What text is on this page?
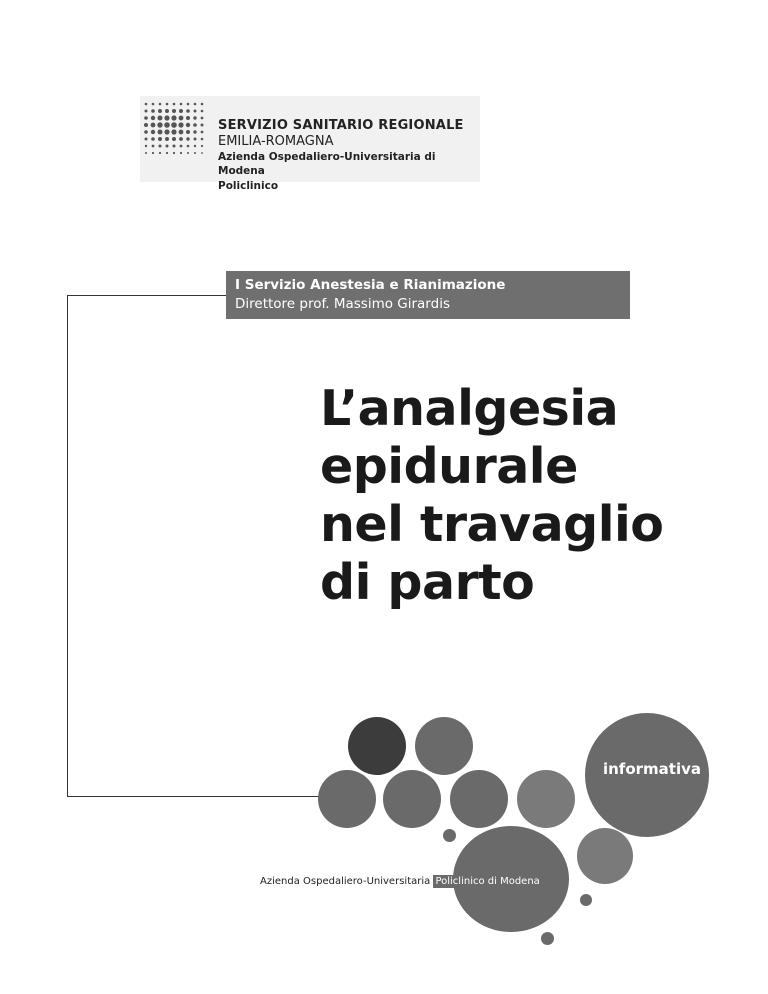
SERVIZIO SANITARIO REGIONALE
EMILIA-ROMAGNA
Azienda Ospedaliero-Universitaria di Modena
Policlinico
I Servizio Anestesia e Rianimazione
Direttore prof. Massimo Girardis
L’analgesia
epidurale
nel travaglio
di parto
informativa
Azienda Ospedaliero-Universitaria Policlinico di Modena
